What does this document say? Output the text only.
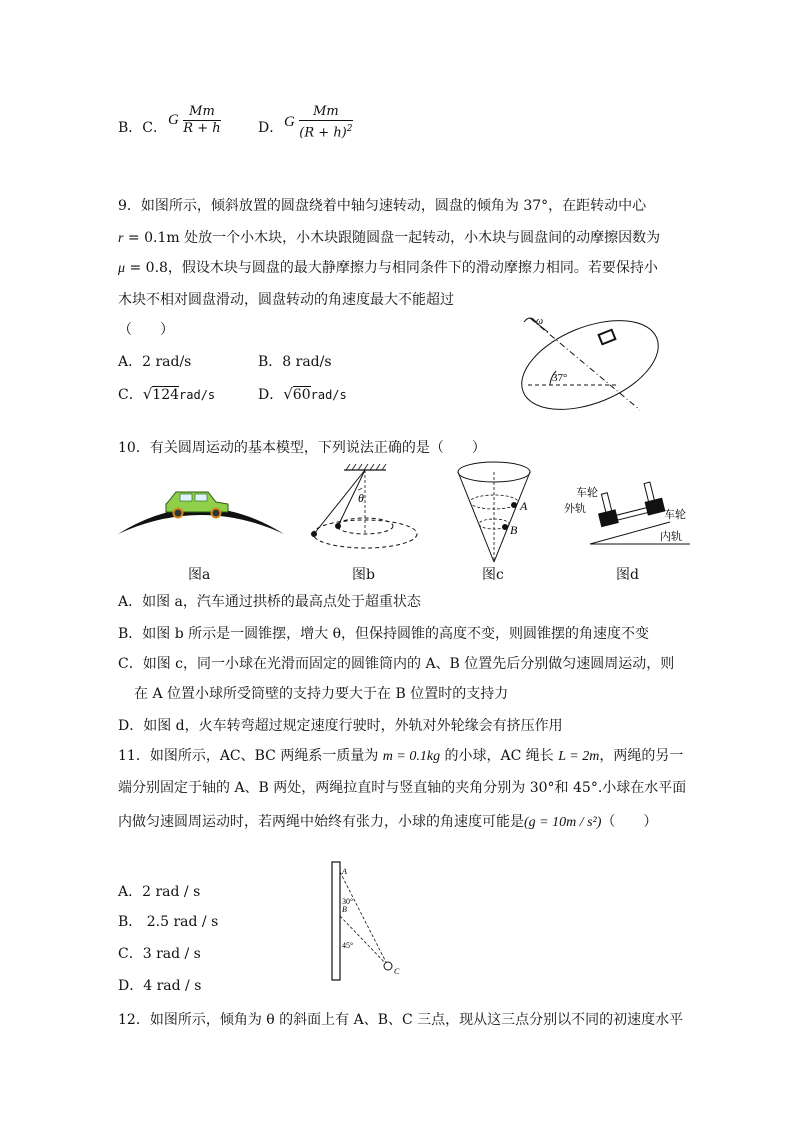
B．C． G $\frac{Mm}{R + h}$	D． G $\frac{Mm}{(R + h)^2}$
9．如图所示，倾斜放置的圆盘绕着中轴匀速转动，圆盘的倾角为 37°，在距转动中心
r = 0.1m 处放一个小木块，小木块跟随圆盘一起转动，小木块与圆盘间的动摩擦因数为
μ = 0.8，假设木块与圆盘的最大静摩擦力与相同条件下的滑动摩擦力相同。若要保持小
木块不相对圆盘滑动，圆盘转动的角速度最大不能超过
（　　）
A．2 rad/s	B．8 rad/s
C．√124rad/s	D．√60rad/s
ω
37°
10．有关圆周运动的基本模型，下列说法正确的是（　　）
图a
θ
图b
A
B
图c
车轮
外轨	车轮
内轨
图d
A．如图 a，汽车通过拱桥的最高点处于超重状态
B．如图 b 所示是一圆锥摆，增大 θ，但保持圆锥的高度不变，则圆锥摆的角速度不变
C．如图 c，同一小球在光滑而固定的圆锥筒内的 A、B 位置先后分别做匀速圆周运动，则
在 A 位置小球所受筒壁的支持力要大于在 B 位置时的支持力
D．如图 d，火车转弯超过规定速度行驶时，外轨对外轮缘会有挤压作用
11．如图所示，AC、BC 两绳系一质量为 m = 0.1kg 的小球，AC 绳长 L = 2m，两绳的另一
端分别固定于轴的 A、B 两处，两绳拉直时与竖直轴的夹角分别为 30°和 45°.小球在水平面
内做匀速圆周运动时，若两绳中始终有张力，小球的角速度可能是(g = 10m / s²)（　　）
A．2 rad / s
B． 2.5 rad / s
C．3 rad / s
D．4 rad / s
A
B
C
30°
45°
12．如图所示，倾角为 θ 的斜面上有 A、B、C 三点，现从这三点分别以不同的初速度水平
